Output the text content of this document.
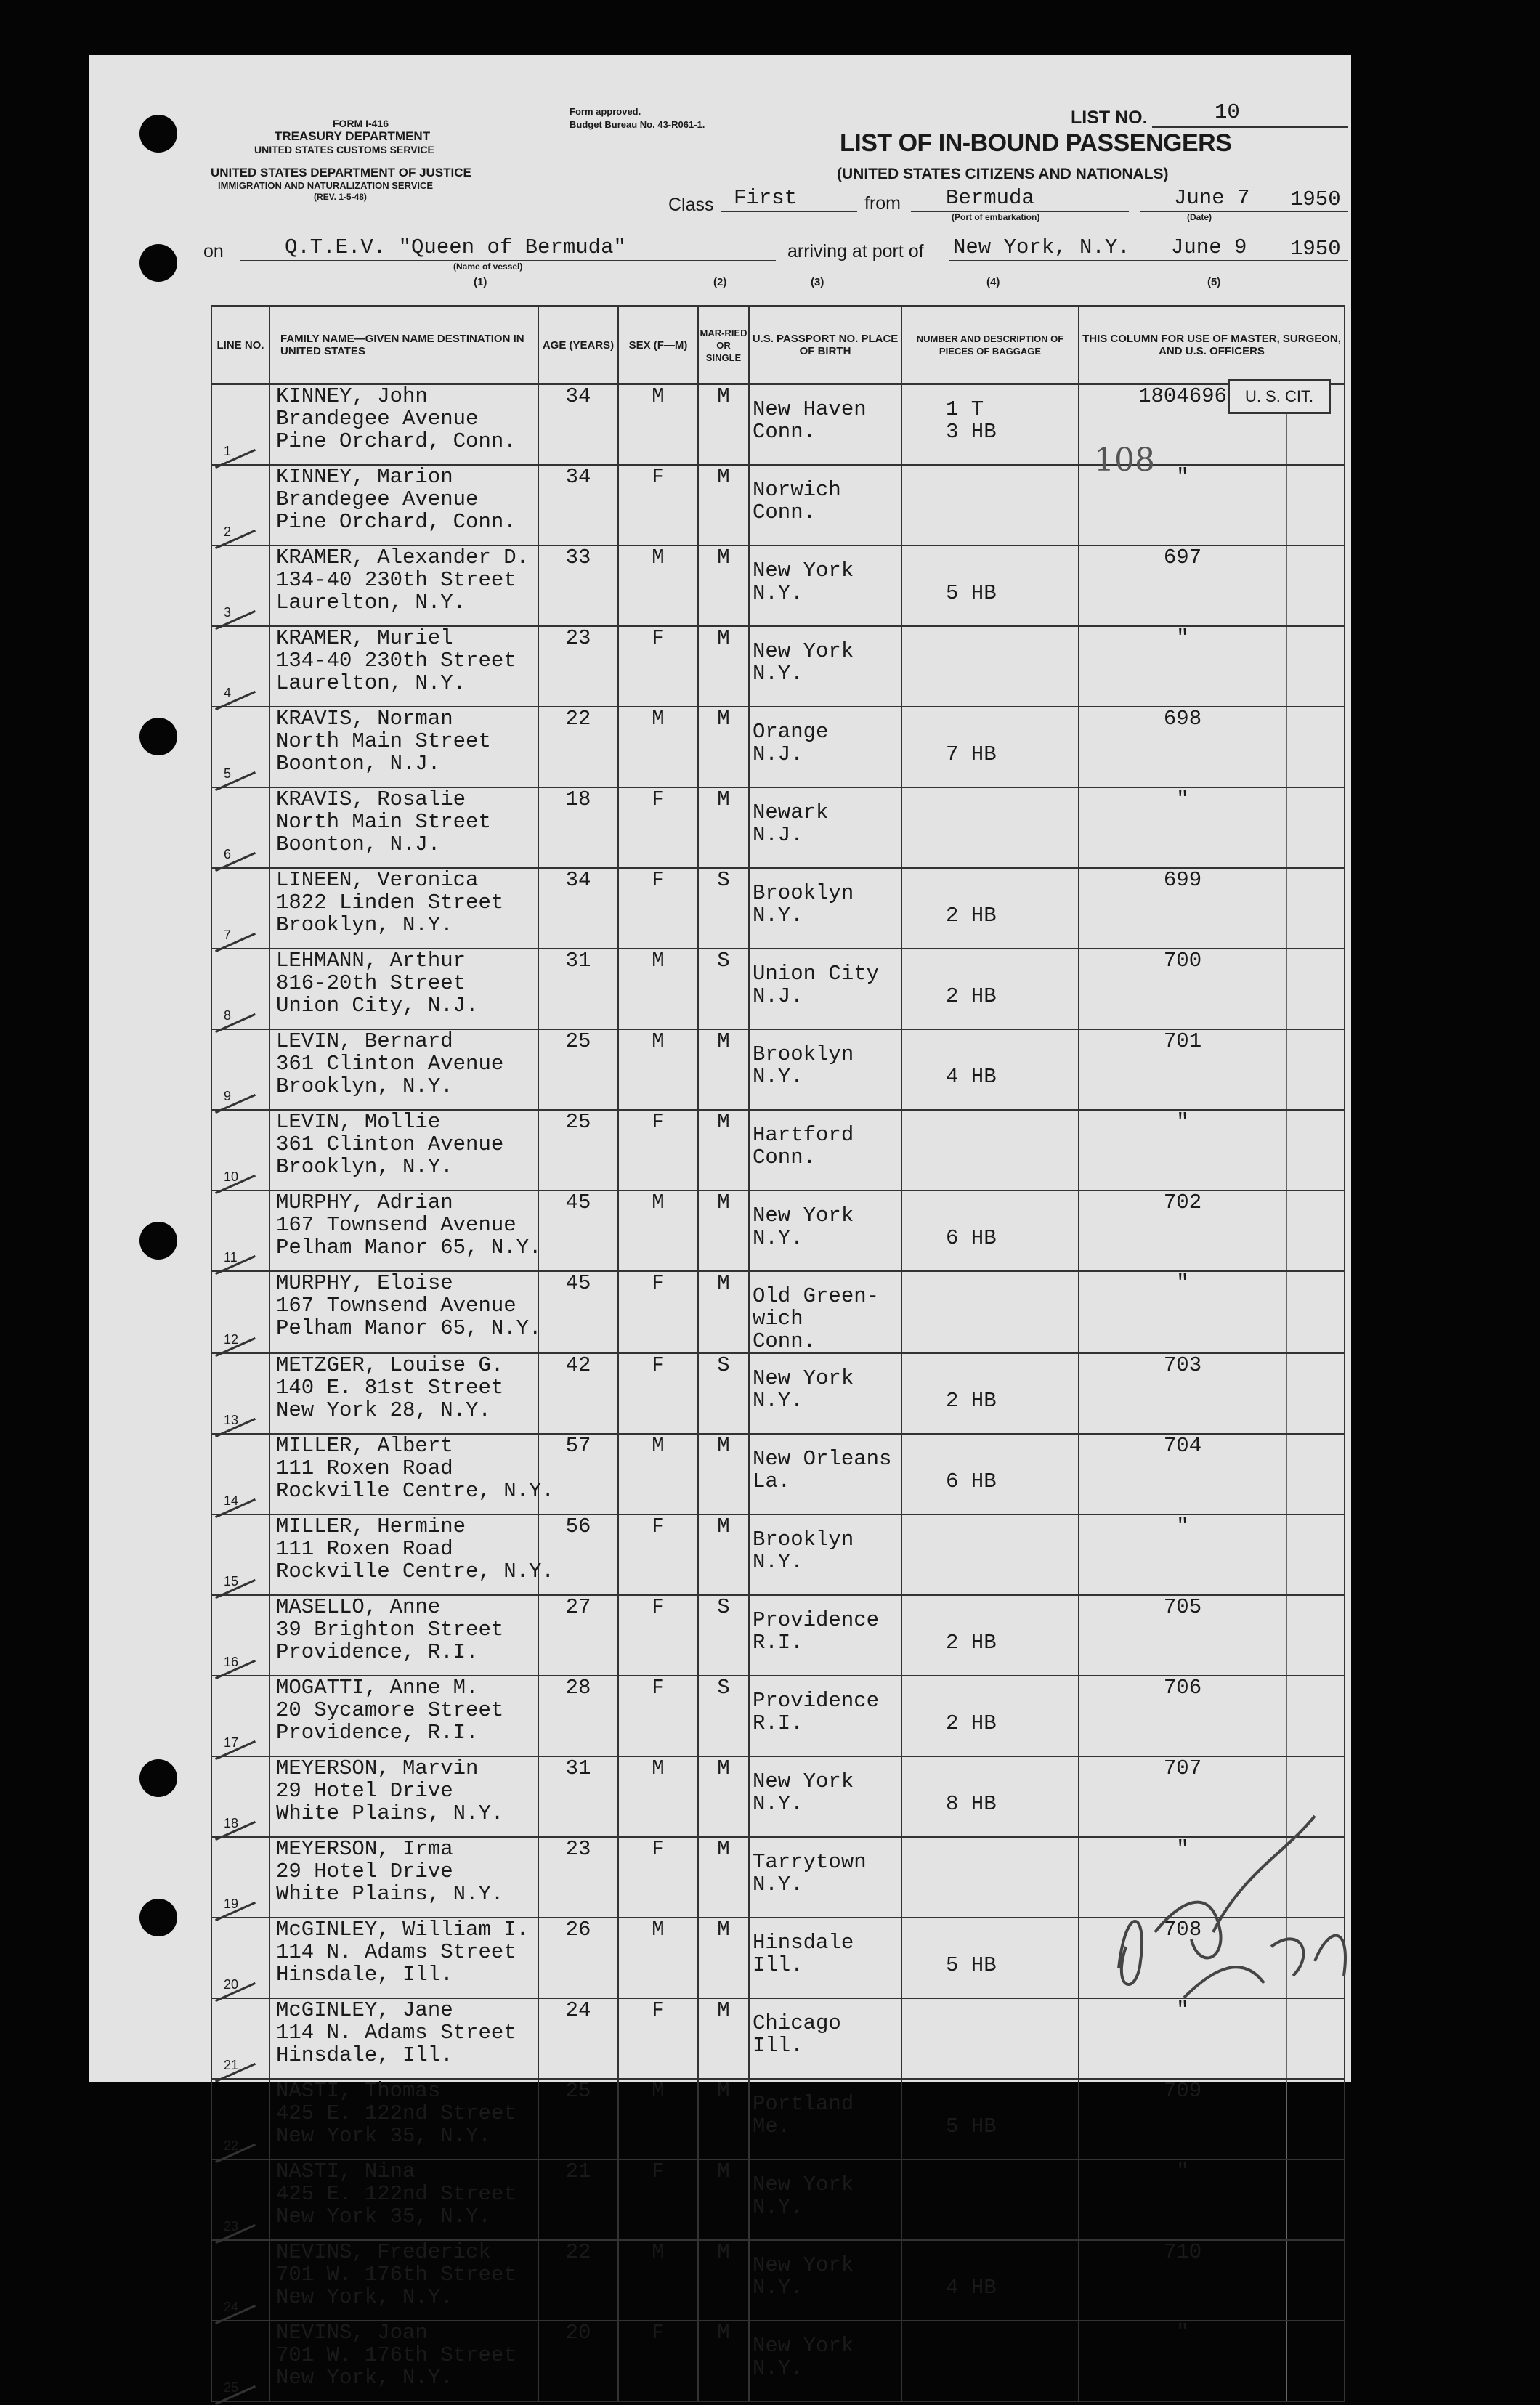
FORM I-416
TREASURY DEPARTMENT
UNITED STATES CUSTOMS SERVICE
UNITED STATES DEPARTMENT OF JUSTICE
IMMIGRATION AND NATURALIZATION SERVICE
(REV. 1-5-48)
Form approved.
Budget Bureau No. 43-R061-1.	LIST NO.	10
LIST OF IN-BOUND PASSENGERS
(UNITED STATES CITIZENS AND NATIONALS)
Class First	from Bermuda
(Port of embarkation)
June 7 1950
(Date)
on	Q.T.E.V. "Queen of Bermuda"
(Name of vessel)
arriving at port of New York, N.Y. June 9 1950
(1)	(2)	(3)	(4)	(5)
LINE NO.	FAMILY NAME—GIVEN NAME DESTINATION IN UNITED STATES	AGE (YEARS)	SEX (F—M)	MAR-RIED OR SINGLE	U.S. PASSPORT NO. PLACE OF BIRTH	NUMBER AND DESCRIPTION OF PIECES OF BAGGAGE	THIS COLUMN FOR USE OF MASTER, SURGEON, AND U.S. OFFICERS

1	KINNEY, John
Brandegee Avenue
Pine Orchard, Conn.	34	M	M	New Haven
Conn.	1 T
3 HB	1804696

2	KINNEY, Marion
Brandegee Avenue
Pine Orchard, Conn.	34	F	M	Norwich
Conn.		"

3	KRAMER, Alexander D.
134-40 230th Street
Laurelton, N.Y.	33	M	M	New York
N.Y.	5 HB	697

4	KRAMER, Muriel
134-40 230th Street
Laurelton, N.Y.	23	F	M	New York
N.Y.		"

5	KRAVIS, Norman
North Main Street
Boonton, N.J.	22	M	M	Orange
N.J.	7 HB	698

6	KRAVIS, Rosalie
North Main Street
Boonton, N.J.	18	F	M	Newark
N.J.		"

7	LINEEN, Veronica
1822 Linden Street
Brooklyn, N.Y.	34	F	S	Brooklyn
N.Y.	2 HB	699

8	LEHMANN, Arthur
816-20th Street
Union City, N.J.	31	M	S	Union City
N.J.	2 HB	700

9	LEVIN, Bernard
361 Clinton Avenue
Brooklyn, N.Y.	25	M	M	Brooklyn
N.Y.	4 HB	701

10	LEVIN, Mollie
361 Clinton Avenue
Brooklyn, N.Y.	25	F	M	Hartford
Conn.		"

11	MURPHY, Adrian
167 Townsend Avenue
Pelham Manor 65, N.Y.	45	M	M	New York
N.Y.	6 HB	702

12	MURPHY, Eloise
167 Townsend Avenue
Pelham Manor 65, N.Y.	45	F	M	Old Green-
wich
Conn.		"

13	METZGER, Louise G.
140 E. 81st Street
New York 28, N.Y.	42	F	S	New York
N.Y.	2 HB	703

14	MILLER, Albert
111 Roxen Road
Rockville Centre, N.Y.	57	M	M	New Orleans
La.	6 HB	704

15	MILLER, Hermine
111 Roxen Road
Rockville Centre, N.Y.	56	F	M	Brooklyn
N.Y.		"

16	MASELLO, Anne
39 Brighton Street
Providence, R.I.	27	F	S	Providence
R.I.	2 HB	705

17	MOGATTI, Anne M.
20 Sycamore Street
Providence, R.I.	28	F	S	Providence
R.I.	2 HB	706

18	MEYERSON, Marvin
29 Hotel Drive
White Plains, N.Y.	31	M	M	New York
N.Y.	8 HB	707

19	MEYERSON, Irma
29 Hotel Drive
White Plains, N.Y.	23	F	M	Tarrytown
N.Y.		"

20	McGINLEY, William I.
114 N. Adams Street
Hinsdale, Ill.	26	M	M	Hinsdale
Ill.	5 HB	708

21	McGINLEY, Jane
114 N. Adams Street
Hinsdale, Ill.	24	F	M	Chicago
Ill.		"

22	NASTI, Thomas
425 E. 122nd Street
New York 35, N.Y.	25	M	M	Portland
Me.	5 HB	709

23	NASTI, Nina
425 E. 122nd Street
New York 35, N.Y.	21	F	M	New York
N.Y.		"

24	NEVINS, Frederick
701 W. 176th Street
New York, N.Y.	22	M	M	New York
N.Y.	4 HB	710

25	NEVINS, Joan
701 W. 176th Street
New York, N.Y.	20	F	M	New York
N.Y.		"
U. S. CIT.
108
